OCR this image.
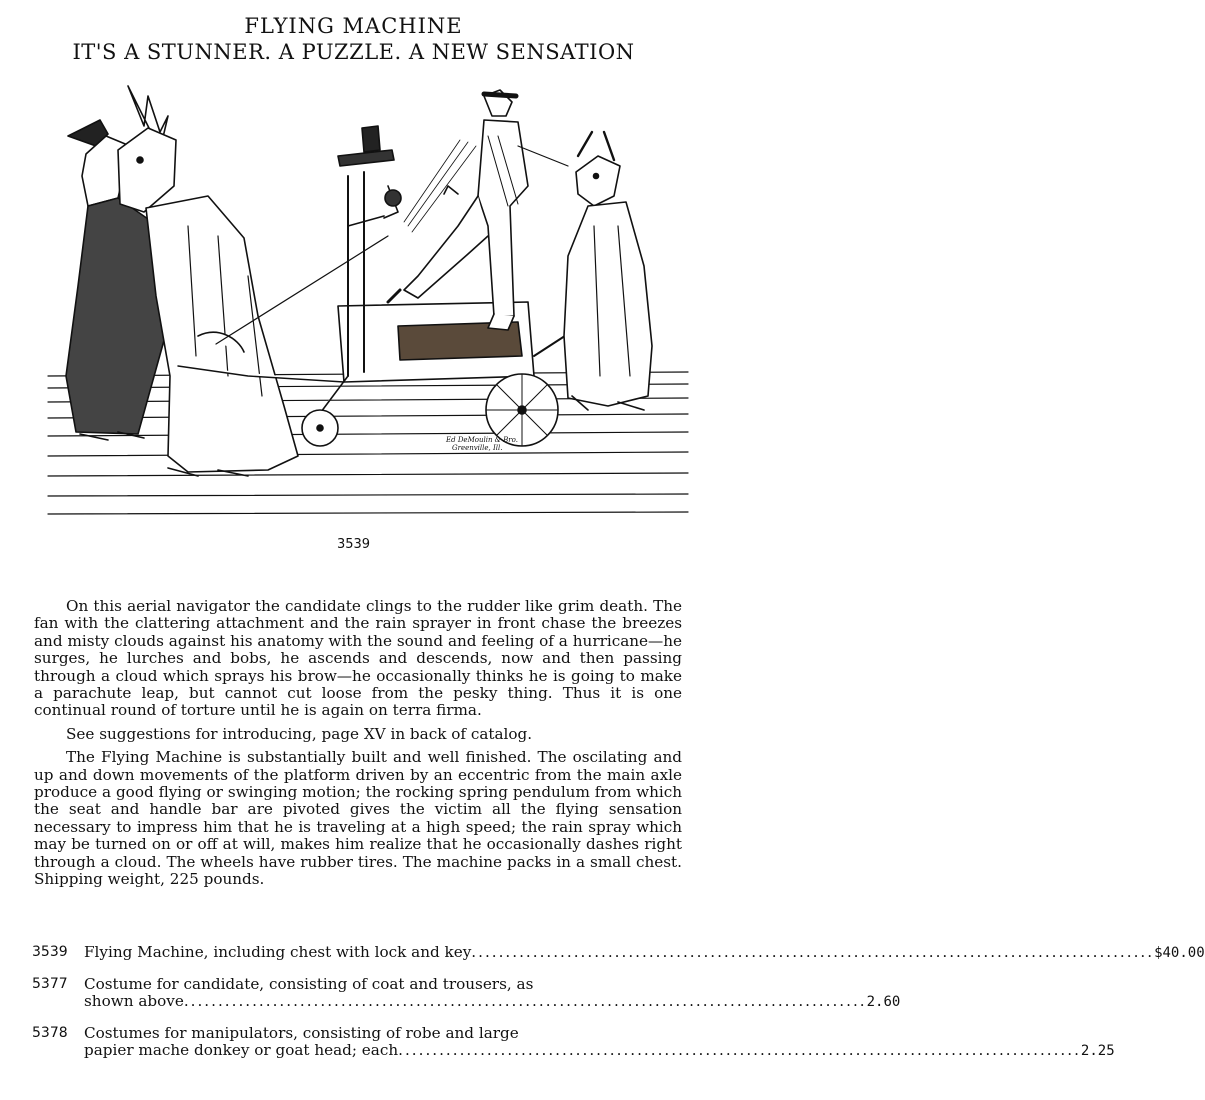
FLYING MACHINE
IT'S A STUNNER. A PUZZLE. A NEW SENSATION
Ed DeMoulin & Bro.
Greenville, Ill.
3539

On this aerial navigator the candidate clings to the rudder like grim death. The fan with the clattering attachment and the rain sprayer in front chase the breezes and misty clouds against his anatomy with the sound and feeling of a hurricane—he surges, he lurches and bobs, he ascends and descends, now and then passing through a cloud which sprays his brow—he occasionally thinks he is going to make a parachute leap, but cannot cut loose from the pesky thing. Thus it is one continual round of torture until he is again on terra firma.

See suggestions for introducing, page XV in back of catalog.

The Flying Machine is substantially built and well finished. The oscilating and up and down movements of the platform driven by an eccentric from the main axle produce a good flying or swinging motion; the rocking spring pendulum from which the seat and handle bar are pivoted gives the victim all the flying sensation necessary to impress him that he is traveling at a high speed; the rain spray which may be turned on or off at will, makes him realize that he occasionally dashes right through a cloud. The wheels have rubber tires. The machine packs in a small chest. Shipping weight, 225 pounds.

3539	Flying Machine, including chest with lock and key .....	$40.00
5377	Costume for candidate, consisting of coat and trousers, as
shown above .....	2.60
5378	Costumes for manipulators, consisting of robe and large
papier mache donkey or goat head; each .....	2.25
